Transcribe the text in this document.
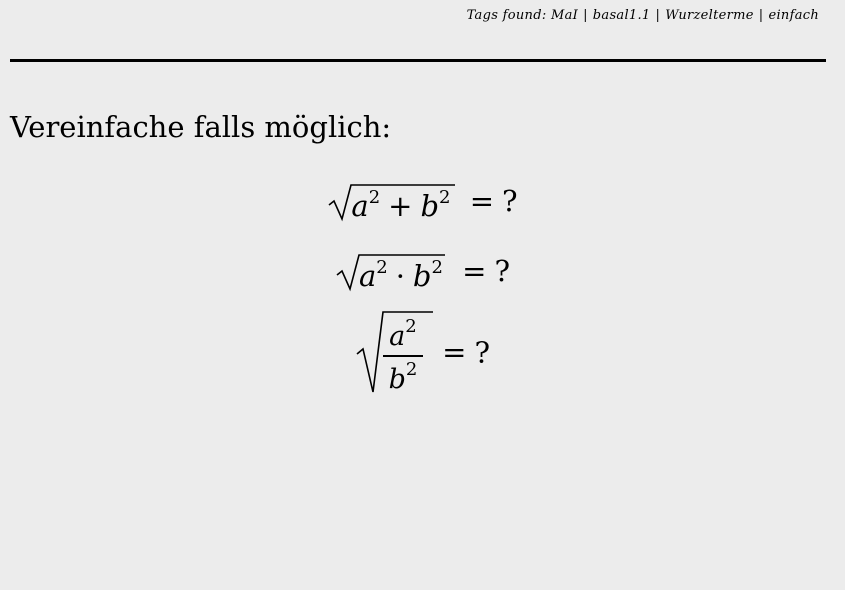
Tags found: MaI | basal1.1 | Wurzelterme | einfach
Vereinfache falls möglich:
$a^2 + b^2$ = ?
$a^2 \cdot b^2$ = ?
$\frac{a^2}{b^2}$ = ?
